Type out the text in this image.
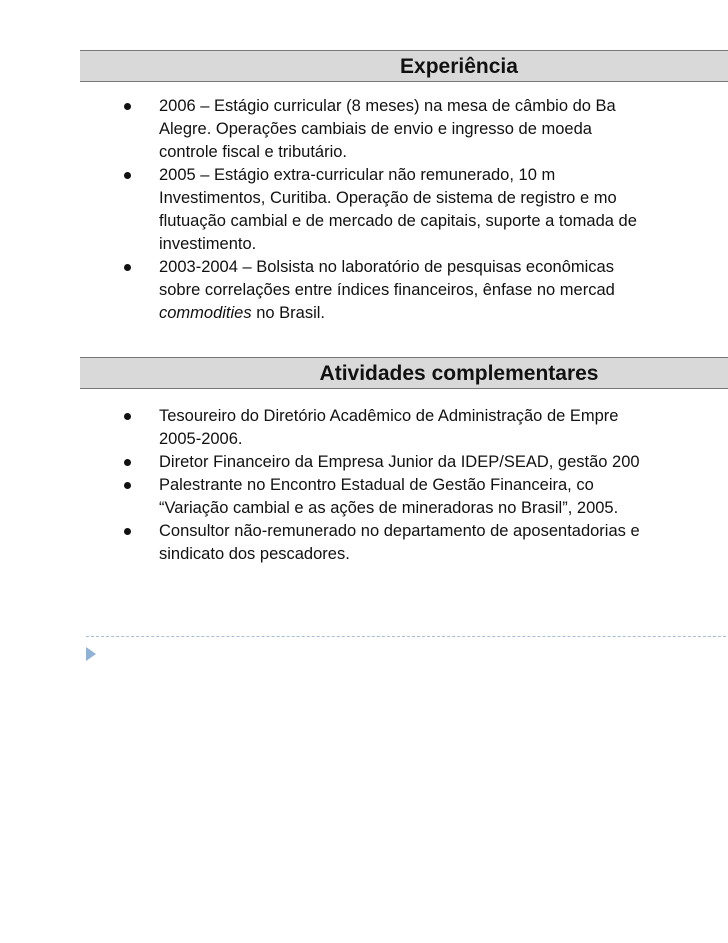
Experiência
2006 – Estágio curricular (8 meses) na mesa de câmbio do Ba
Alegre. Operações cambiais de envio e ingresso de moeda
controle fiscal e tributário.
2005 – Estágio extra-curricular não remunerado, 10 m
Investimentos, Curitiba. Operação de sistema de registro e mo
flutuação cambial e de mercado de capitais, suporte a tomada de
investimento.
2003-2004 – Bolsista no laboratório de pesquisas econômicas
sobre correlações entre índices financeiros, ênfase no mercad
commodities no Brasil.
Atividades complementares
Tesoureiro do Diretório Acadêmico de Administração de Empre
2005-2006.
Diretor Financeiro da Empresa Junior da IDEP/SEAD, gestão 200
Palestrante no Encontro Estadual de Gestão Financeira, co
“Variação cambial e as ações de mineradoras no Brasil”, 2005.
Consultor não-remunerado no departamento de aposentadorias e
sindicato dos pescadores.
